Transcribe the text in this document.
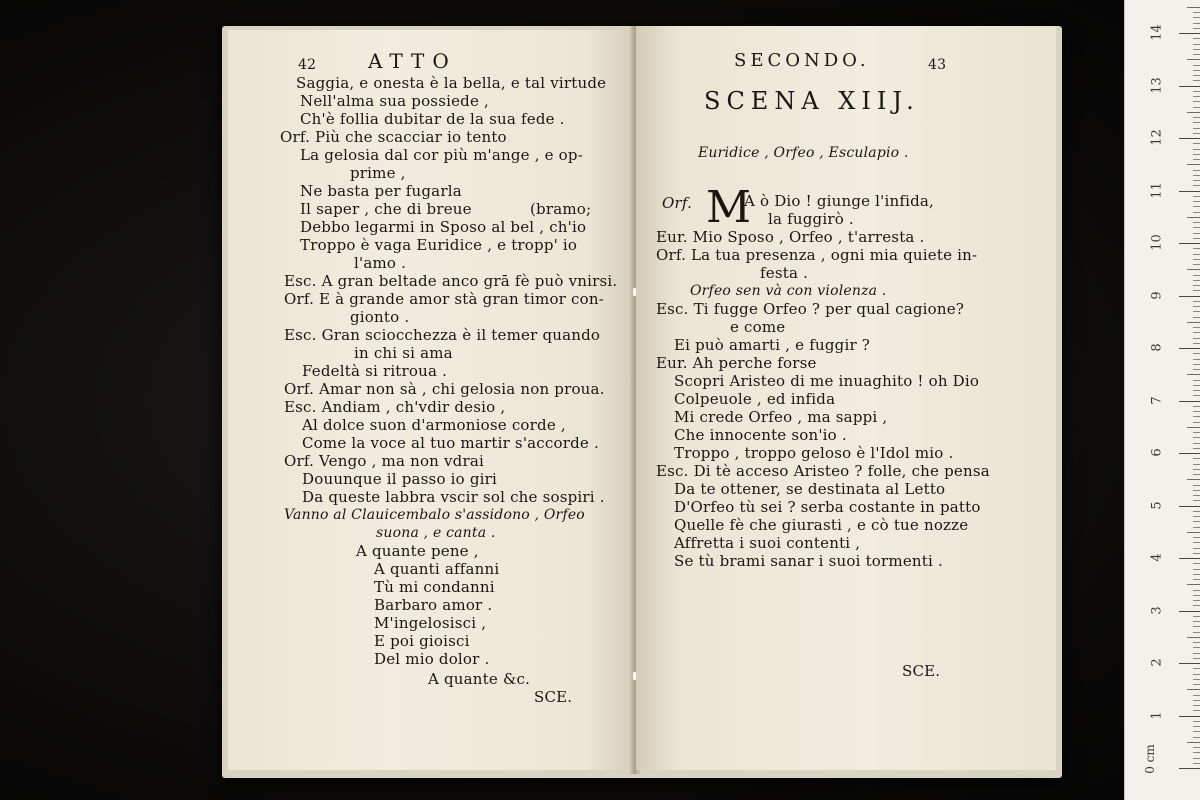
42	ATTO
Saggia, e onesta è la bella, e tal virtude
Nell'alma sua possiede ,
Ch'è follia dubitar de la sua fede .
Orf. Più che scacciar io tento
La gelosia dal cor più m'ange , e op-
prime ,
Ne basta per fugarla
Il saper , che di breue	(bramo;
Debbo legarmi in Sposo al bel , ch'io
Troppo è vaga Euridice , e tropp' io
l'amo .
Esc. A gran beltade anco grā fè può vnirsi.
Orf. E à grande amor stà gran timor con-
gionto .
Esc. Gran sciocchezza è il temer quando
in chi si ama
Fedeltà si ritroua .
Orf. Amar non sà , chi gelosia non proua.
Esc. Andiam , ch'vdir desio ,
Al dolce suon d'armoniose corde ,
Come la voce al tuo martir s'accorde .
Orf. Vengo , ma non vdrai
Douunque il passo io giri
Da queste labbra vscir sol che sospiri .
Vanno al Clauicembalo s'assidono , Orfeo
suona , e canta .
A quante pene ,
A quanti affanni
Tù mi condanni
Barbaro amor .
M'ingelosisci ,
E poi gioisci
Del mio dolor .
A quante &c.
SCE.
SECONDO.	43
SCENA XIIJ.
Euridice , Orfeo , Esculapio .
Orf. M
A ò Dio ! giunge l'infida,
la fuggirò .
Eur. Mio Sposo , Orfeo , t'arresta .
Orf. La tua presenza , ogni mia quiete in-
festa .
Orfeo sen và con violenza .
Esc. Ti fugge Orfeo ? per qual cagione?
e come
Ei può amarti , e fuggir ?
Eur. Ah perche forse
Scopri Aristeo di me inuaghito ! oh Dio
Colpeuole , ed infida
Mi crede Orfeo , ma sappi ,
Che innocente son'io .
Troppo , troppo geloso è l'Idol mio .
Esc. Di tè acceso Aristeo ? folle, che pensa
Da te ottener, se destinata al Letto
D'Orfeo tù sei ? serba costante in patto
Quelle fè che giurasti , e cò tue nozze
Affretta i suoi contenti ,
Se tù brami sanar i suoi tormenti .
SCE.
0 cm
1
2
3
4
5
6
7
8
9
10
11
12
13
14
